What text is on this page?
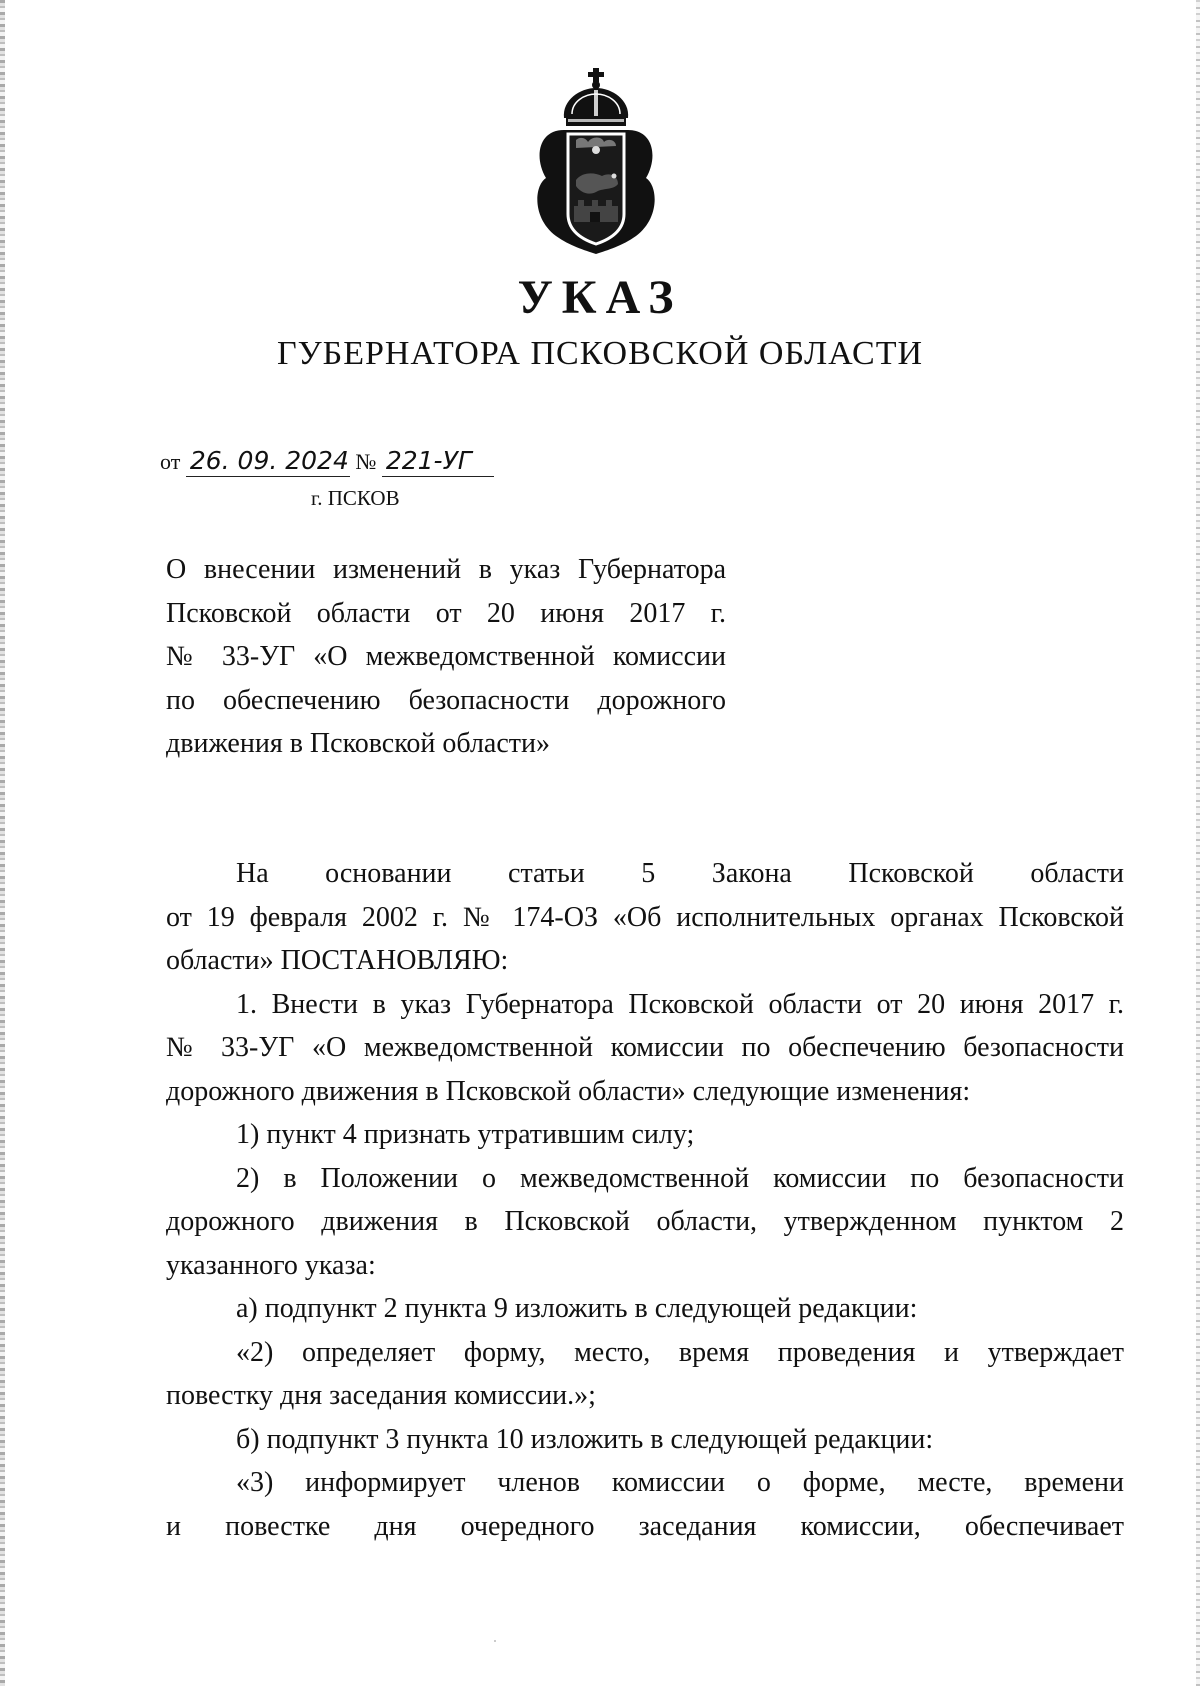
УКАЗ
ГУБЕРНАТОРА ПСКОВСКОЙ ОБЛАСТИ
от 26. 09. 2024 № 221-УГ
г. ПСКОВ
О внесении изменений в указ Губернатора
Псковской области от 20 июня 2017 г.
№ 33-УГ «О межведомственной комиссии
по обеспечению безопасности дорожного
движения в Псковской области»
На основании статьи 5 Закона Псковской области
от 19 февраля 2002 г. № 174-ОЗ «Об исполнительных органах Псковской
области» ПОСТАНОВЛЯЮ:
1. Внести в указ Губернатора Псковской области от 20 июня 2017 г.
№ 33-УГ «О межведомственной комиссии по обеспечению безопасности
дорожного движения в Псковской области» следующие изменения:
1) пункт 4 признать утратившим силу;
2) в Положении о межведомственной комиссии по безопасности
дорожного движения в Псковской области, утвержденном пунктом 2
указанного указа:
а) подпункт 2 пункта 9 изложить в следующей редакции:
«2) определяет форму, место, время проведения и утверждает
повестку дня заседания комиссии.»;
б) подпункт 3 пункта 10 изложить в следующей редакции:
«3) информирует членов комиссии о форме, месте, времени
и повестке дня очередного заседания комиссии, обеспечивает
